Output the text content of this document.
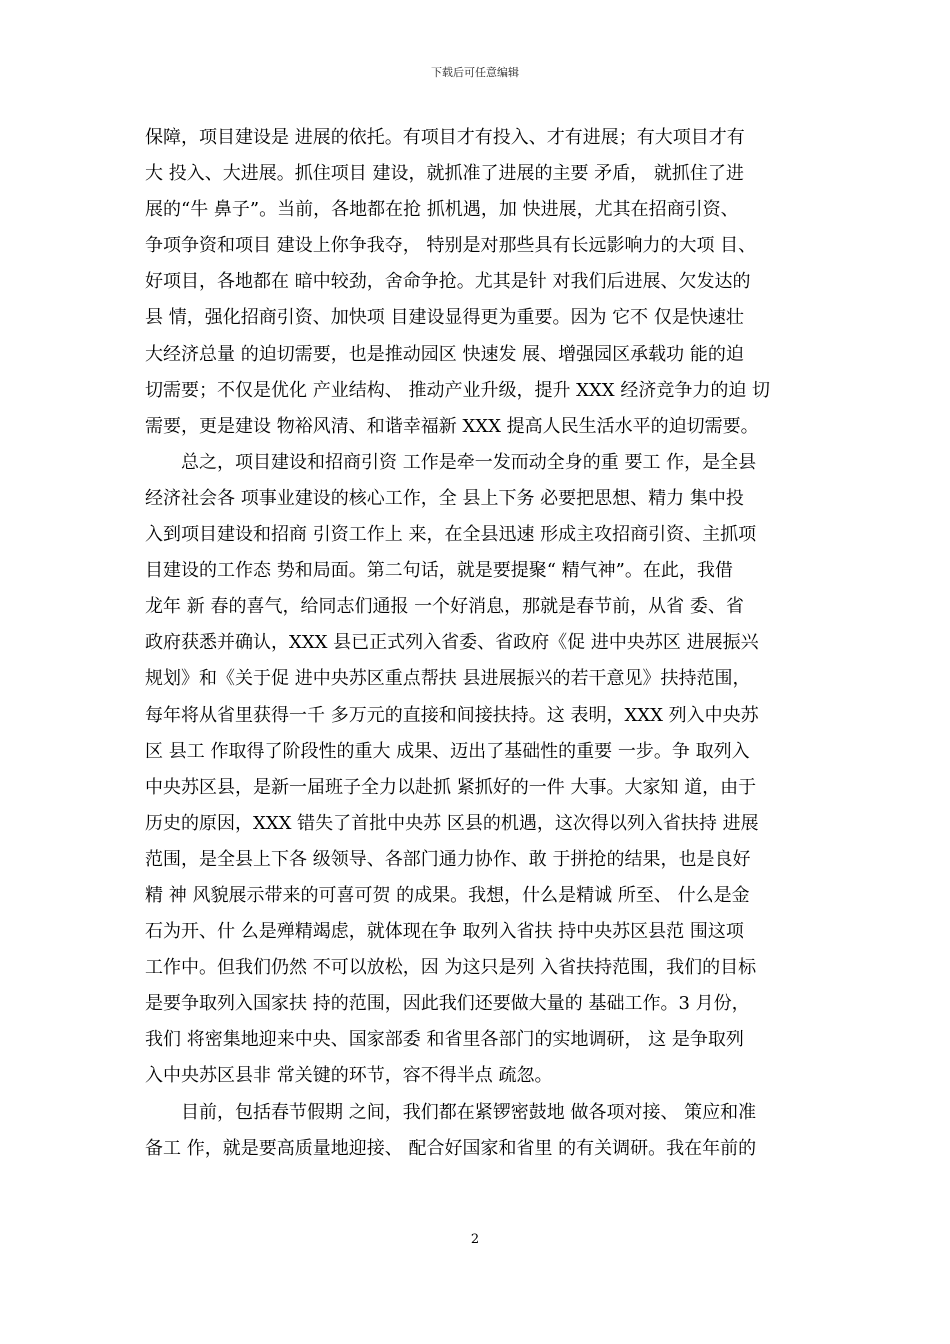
下载后可任意编辑
保障，项目建设是 进展的依托。有项目才有投入、才有进展；有大项目才有
大 投入、大进展。抓住项目 建设，就抓准了进展的主要 矛盾， 就抓住了进
展的“牛 鼻子”。当前，各地都在抢 抓机遇，加 快进展，尤其在招商引资、
争项争资和项目 建设上你争我夺， 特别是对那些具有长远影响力的大项 目、
好项目，各地都在 暗中较劲，舍命争抢。尤其是针 对我们后进展、欠发达的
县 情，强化招商引资、加快项 目建设显得更为重要。因为 它不 仅是快速壮
大经济总量 的迫切需要，也是推动园区 快速发 展、增强园区承载功 能的迫
切需要；不仅是优化 产业结构、 推动产业升级，提升 XXX 经济竞争力的迫 切
需要，更是建设 物裕风清、和谐幸福新 XXX 提高人民生活水平的迫切需要。
总之，项目建设和招商引资 工作是牵一发而动全身的重 要工 作，是全县
经济社会各 项事业建设的核心工作，全 县上下务 必要把思想、精力 集中投
入到项目建设和招商 引资工作上 来，在全县迅速 形成主攻招商引资、主抓项
目建设的工作态 势和局面。第二句话，就是要提聚“ 精气神”。在此，我借
龙年 新 春的喜气，给同志们通报 一个好消息，那就是春节前，从省 委、省
政府获悉并确认，XXX 县已正式列入省委、省政府《促 进中央苏区 进展振兴
规划》和《关于促 进中央苏区重点帮扶 县进展振兴的若干意见》扶持范围，
每年将从省里获得一千 多万元的直接和间接扶持。这 表明，XXX 列入中央苏
区 县工 作取得了阶段性的重大 成果、迈出了基础性的重要 一步。争 取列入
中央苏区县，是新一届班子全力以赴抓 紧抓好的一件 大事。大家知 道，由于
历史的原因，XXX 错失了首批中央苏 区县的机遇，这次得以列入省扶持 进展
范围，是全县上下各 级领导、各部门通力协作、敢 于拼抢的结果，也是良好
精 神 风貌展示带来的可喜可贺 的成果。我想，什么是精诚 所至、 什么是金
石为开、什 么是殚精竭虑，就体现在争 取列入省扶 持中央苏区县范 围这项
工作中。但我们仍然 不可以放松，因 为这只是列 入省扶持范围，我们的目标
是要争取列入国家扶 持的范围，因此我们还要做大量的 基础工作。3 月份，
我们 将密集地迎来中央、国家部委 和省里各部门的实地调研， 这 是争取列
入中央苏区县非 常关键的环节，容不得半点 疏忽。
目前，包括春节假期 之间，我们都在紧锣密鼓地 做各项对接、 策应和准
备工 作，就是要高质量地迎接、 配合好国家和省里 的有关调研。我在年前的
2
